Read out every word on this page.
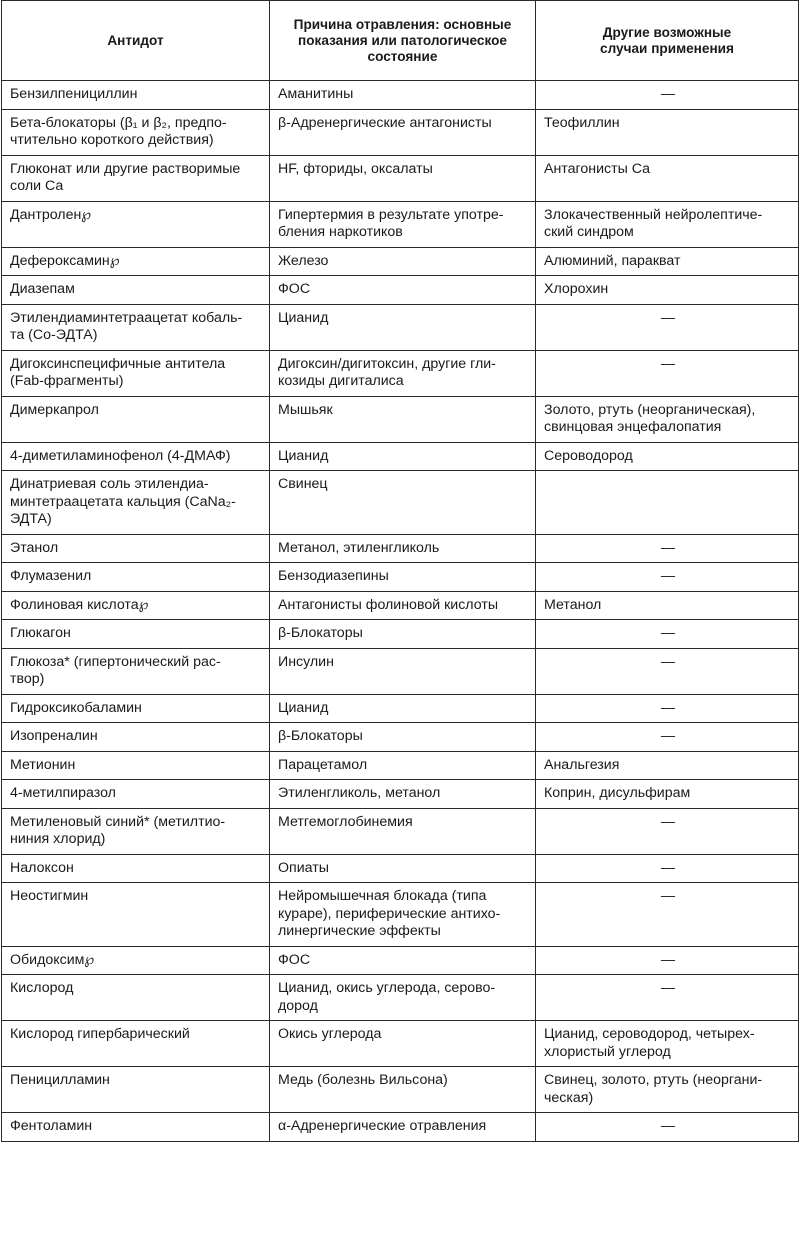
Антидот	Причина отравления: основные
показания или патологическое
состояние	Другие возможные
случаи применения

Бензилпенициллин	Аманитины	—

Бета-блокаторы (β₁ и β₂, предпо-
чтительно короткого действия)	β-Адренергические антагонисты	Теофиллин

Глюконат или другие растворимые
соли Са	HF, фториды, оксалаты	Антагонисты Са

Дантролен℘	Гипертермия в результате употре-
бления наркотиков	Злокачественный нейролептиче-
ский синдром

Дефероксамин℘	Железо	Алюминий, паракват

Диазепам	ФОС	Хлорохин

Этилендиаминтетраацетат кобаль-
та (Со-ЭДТА)	Цианид	—

Дигоксинспецифичные антитела
(Fab-фрагменты)	Дигоксин/дигитоксин, другие гли-
козиды дигиталиса	—

Димеркапрол	Мышьяк	Золото, ртуть (неорганическая),
свинцовая энцефалопатия

4-диметиламинофенол (4-ДМАФ)	Цианид	Сероводород

Динатриевая соль этилендиа-
минтетраацетата кальция (CaNa₂-
ЭДТА)	Свинец	

Этанол	Метанол, этиленгликоль	—

Флумазенил	Бензодиазепины	—

Фолиновая кислота℘	Антагонисты фолиновой кислоты	Метанол

Глюкагон	β-Блокаторы	—

Глюкоза* (гипертонический рас-
твор)	Инсулин	—

Гидроксикобаламин	Цианид	—

Изопреналин	β-Блокаторы	—

Метионин	Парацетамол	Анальгезия

4-метилпиразол	Этиленгликоль, метанол	Коприн, дисульфирам

Метиленовый синий* (метилтио-
ниния хлорид)	Метгемоглобинемия	—

Налоксон	Опиаты	—

Неостигмин	Нейромышечная блокада (типа
кураре), периферические антихо-
линергические эффекты	—

Обидоксим℘	ФОС	—

Кислород	Цианид, окись углерода, серово-
дород	—

Кислород гипербарический	Окись углерода	Цианид, сероводород, четырех-
хлористый углерод

Пеницилламин	Медь (болезнь Вильсона)	Свинец, золото, ртуть (неоргани-
ческая)

Фентоламин	α-Адренергические отравления	—
